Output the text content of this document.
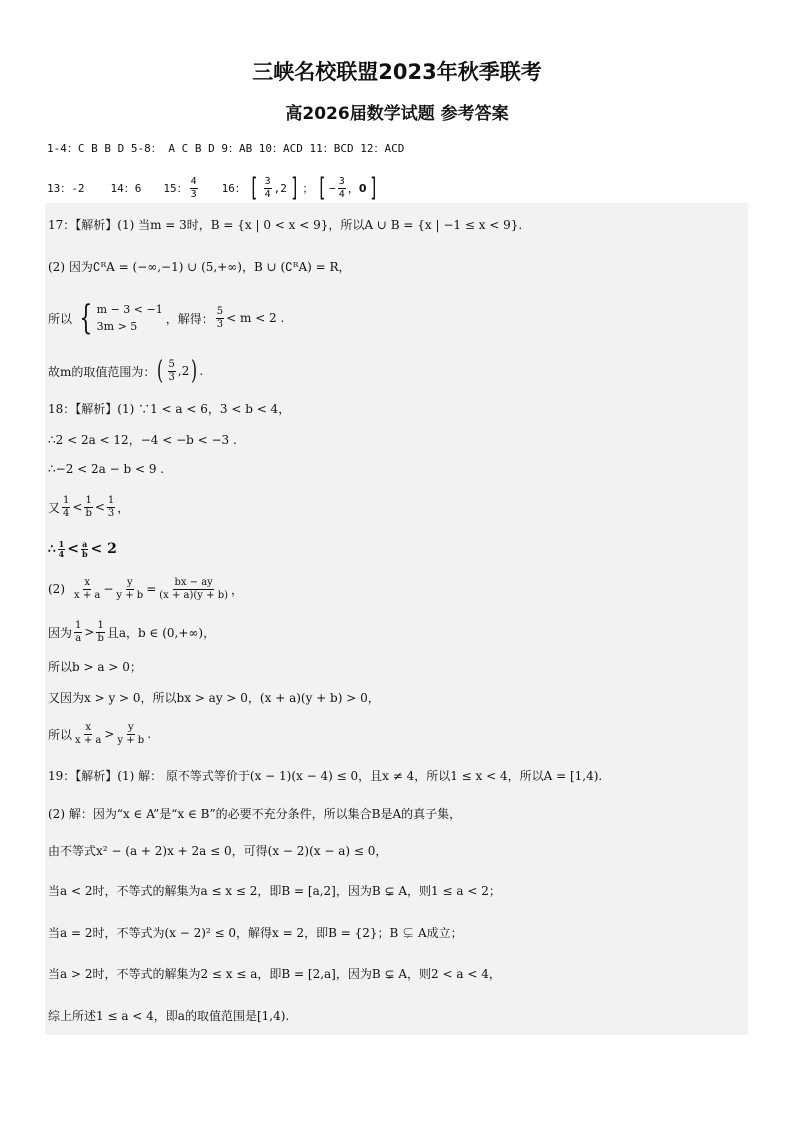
三峡名校联盟2023年秋季联考
高2026届数学试题 参考答案
1-4：C B B D 5-8： A C B D 9：AB 10：ACD 11：BCD 12：ACD
13：-2 14：6 15： $\frac{4}{3} 16$： [ $\frac{3}{4}$ , 2 ] ； [ − $\frac{3}{4}$ ， 0 ]
17：【解析】(1) 当m = 3时，B = {x | 0 < x < 9}，所以A ∪ B = {x | −1 ≤ x < 9}.
(2) 因为∁ᴿA = (−∞,−1) ∪ (5,+∞)，B ∪ (∁ᴿA) = R，
所以 { m − 3 < −1
3m > 5
，解得： $\frac{5}{3} < m < 2$ .
故m的取值范围为： ( $\frac{5}{3} ,2$ ) .
18：【解析】(1) ∵1 < a < 6，3 < b < 4，
∴2 < 2a < 12，−4 < −b < −3 .
∴−2 < 2a − b < 9 .
又 $\frac{1}{4} < \frac{1}{b} < \frac{1}{3}$ ，
∴ $\frac{1}{4} < \frac{a}{b} < 2$
$(2) \frac{x}{x + a} - \frac{y}{y + b} = \frac{bx - ay}{(x + a)(y + b)}$ ，
因为 $\frac{1}{a} > \frac{1}{b}$ 且a，b ∈ (0,+∞)，
所以b > a > 0；
又因为x > y > 0，所以bx > ay > 0，(x + a)(y + b) > 0，
所以 $\frac{x}{x + a} > \frac{y}{y + b}$ .
19：【解析】(1) 解： 原不等式等价于(x − 1)(x − 4) ≤ 0，且x ≠ 4，所以1 ≤ x < 4，所以A = [1,4).
(2) 解：因为“x ∈ A”是“x ∈ B”的必要不充分条件，所以集合B是A的真子集，
由不等式x² − (a + 2)x + 2a ≤ 0，可得(x − 2)(x − a) ≤ 0，
当a < 2时，不等式的解集为a ≤ x ≤ 2，即B = [a,2]，因为B ⊊ A，则1 ≤ a < 2；
当a = 2时，不等式为(x − 2)² ≤ 0，解得x = 2，即B = {2}；B ⊊ A成立；
当a > 2时，不等式的解集为2 ≤ x ≤ a，即B = [2,a]，因为B ⊊ A，则2 < a < 4，
综上所述1 ≤ a < 4，即a的取值范围是[1,4).
